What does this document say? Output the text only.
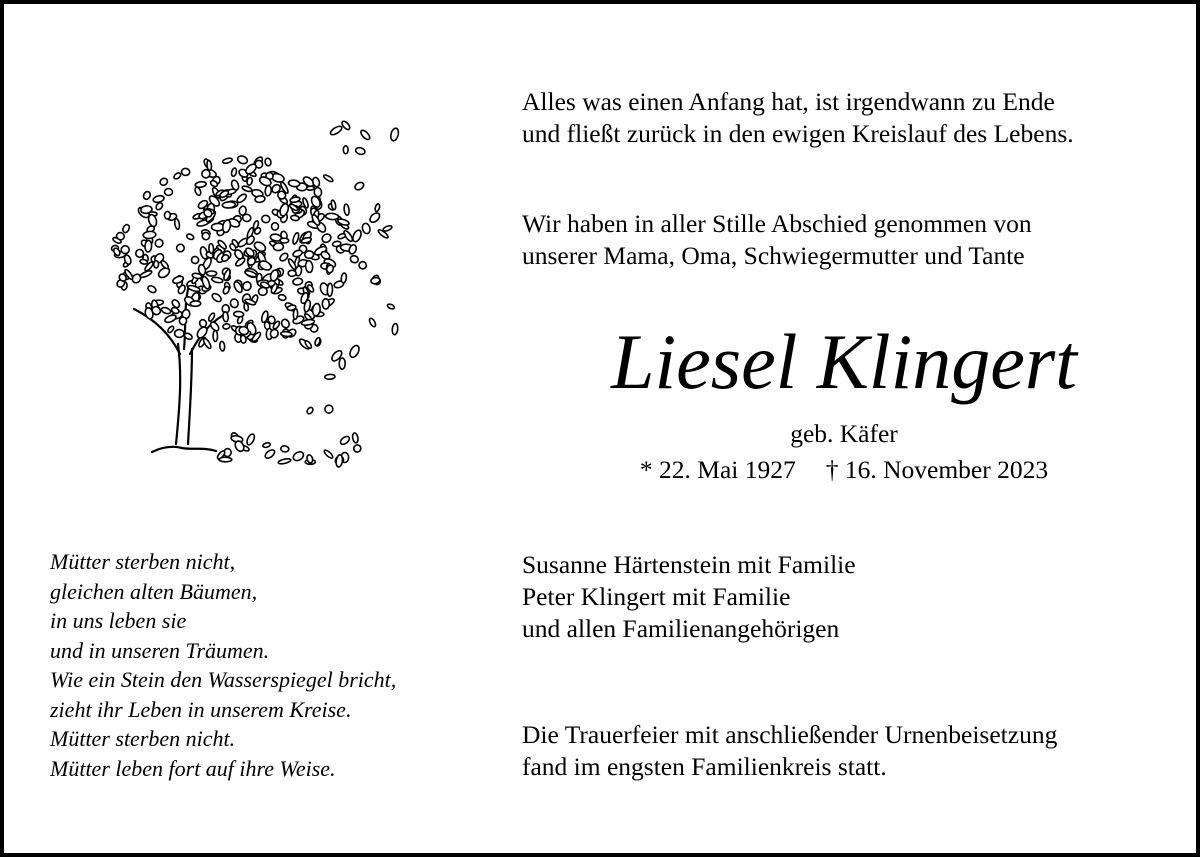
Alles was einen Anfang hat, ist irgendwann zu Ende
und fließt zurück in den ewigen Kreislauf des Lebens.

Wir haben in aller Stille Abschied genommen von
unserer Mama, Oma, Schwiegermutter und Tante

Liesel Klingert

geb. Käfer

* 22. Mai 1927 † 16. November 2023

Susanne Härtenstein mit Familie
Peter Klingert mit Familie
und allen Familienangehörigen

Die Trauerfeier mit anschließender Urnenbeisetzung
fand im engsten Familienkreis statt.

Mütter sterben nicht,
gleichen alten Bäumen,
in uns leben sie
und in unseren Träumen.
Wie ein Stein den Wasserspiegel bricht,
zieht ihr Leben in unserem Kreise.
Mütter sterben nicht.
Mütter leben fort auf ihre Weise.
